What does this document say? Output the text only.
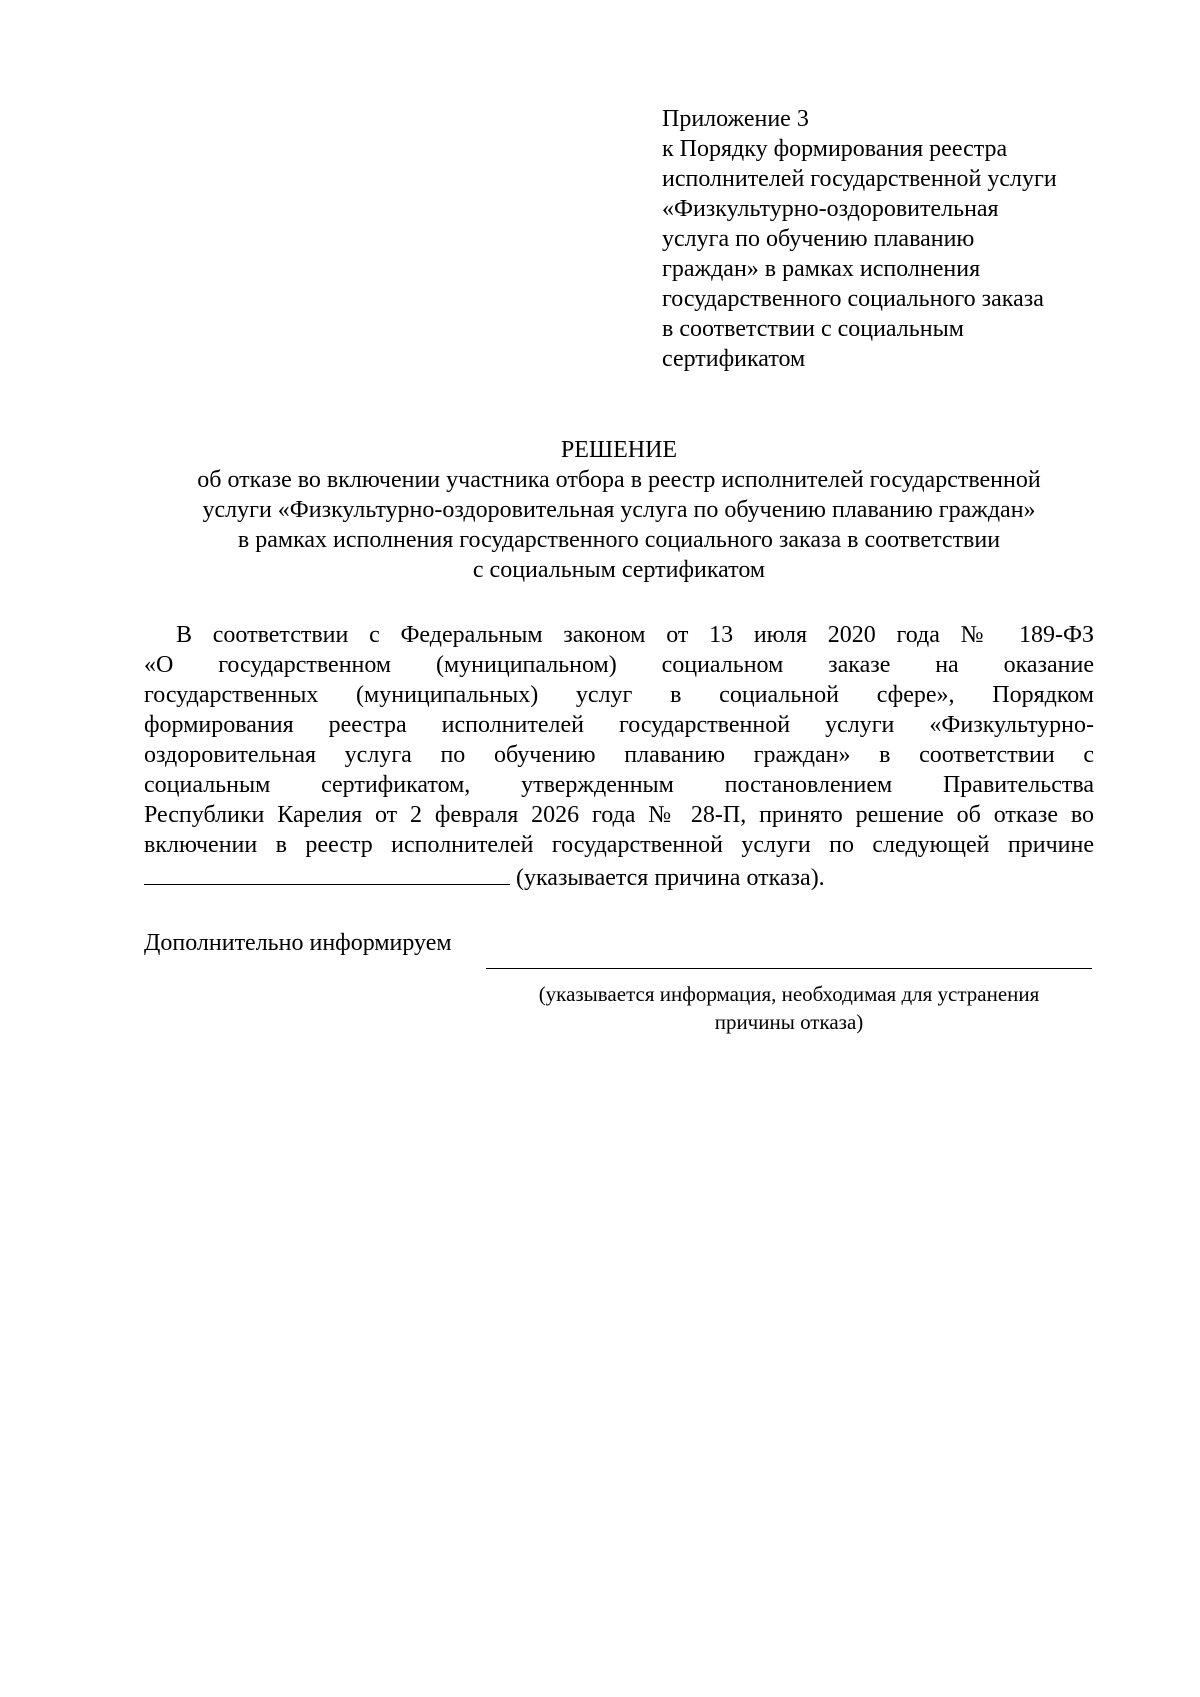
Приложение 3
к Порядку формирования реестра
исполнителей государственной услуги
«Физкультурно-оздоровительная
услуга по обучению плаванию
граждан» в рамках исполнения
государственного социального заказа
в соответствии с социальным
сертификатом
РЕШЕНИЕ
об отказе во включении участника отбора в реестр исполнителей государственной
услуги «Физкультурно-оздоровительная услуга по обучению плаванию граждан»
в рамках исполнения государственного социального заказа в соответствии
с социальным сертификатом
В соответствии с Федеральным законом от 13 июля 2020 года № 189-ФЗ
«О государственном (муниципальном) социальном заказе на оказание
государственных (муниципальных) услуг в социальной сфере», Порядком
формирования реестра исполнителей государственной услуги «Физкультурно-
оздоровительная услуга по обучению плаванию граждан» в соответствии с
социальным сертификатом, утвержденным постановлением Правительства
Республики Карелия от 2 февраля 2026 года № 28-П, принято решение об отказе во
включении в реестр исполнителей государственной услуги по следующей причине
(указывается причина отказа).
Дополнительно информируем
(указывается информация, необходимая для устранения
причины отказа)
